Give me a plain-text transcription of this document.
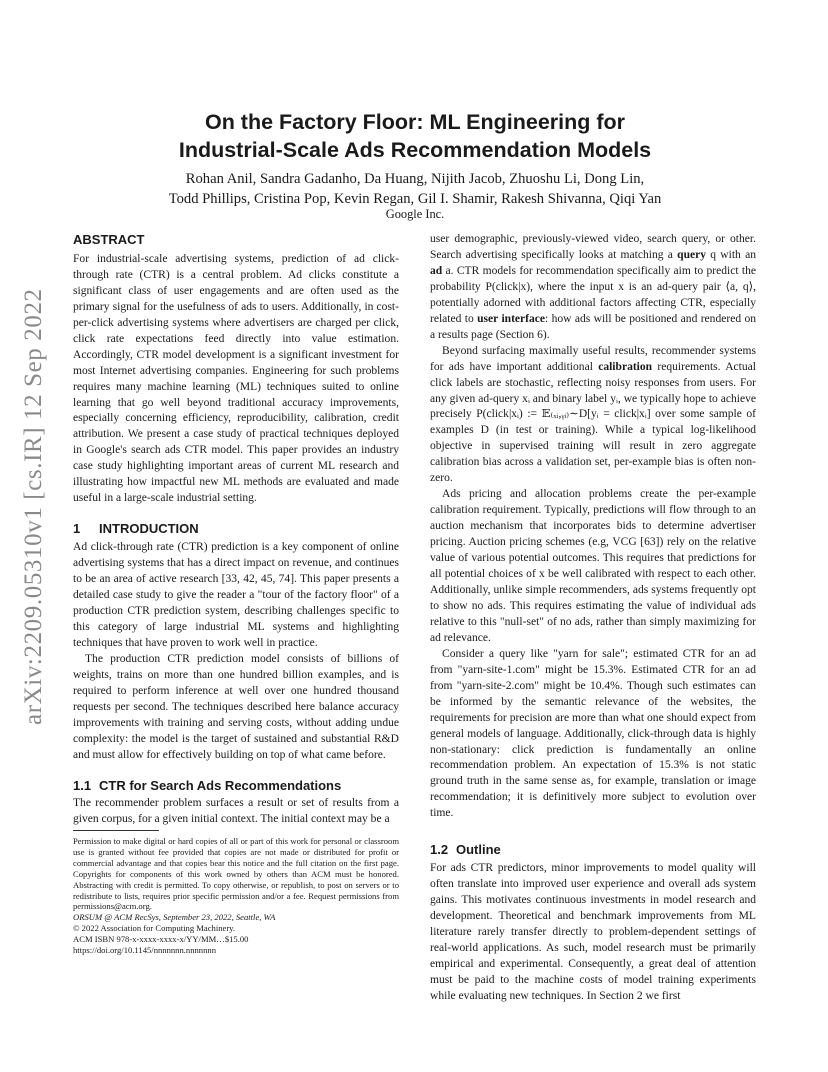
arXiv:2209.05310v1 [cs.IR] 12 Sep 2022
On the Factory Floor: ML Engineering for
Industrial-Scale Ads Recommendation Models
Rohan Anil, Sandra Gadanho, Da Huang, Nijith Jacob, Zhuoshu Li, Dong Lin,
Todd Phillips, Cristina Pop, Kevin Regan, Gil I. Shamir, Rakesh Shivanna, Qiqi Yan
Google Inc.
ABSTRACT

For industrial-scale advertising systems, prediction of ad click-through rate (CTR) is a central problem. Ad clicks constitute a significant class of user engagements and are often used as the primary signal for the usefulness of ads to users. Additionally, in cost-per-click advertising systems where advertisers are charged per click, click rate expectations feed directly into value estimation. Accordingly, CTR model development is a significant investment for most Internet advertising companies. Engineering for such problems requires many machine learning (ML) techniques suited to online learning that go well beyond traditional accuracy improvements, especially concerning efficiency, reproducibility, calibration, credit attribution. We present a case study of practical techniques deployed in Google's search ads CTR model. This paper provides an industry case study highlighting important areas of current ML research and illustrating how impactful new ML methods are evaluated and made useful in a large-scale industrial setting.

1 INTRODUCTION

Ad click-through rate (CTR) prediction is a key component of online advertising systems that has a direct impact on revenue, and continues to be an area of active research [33, 42, 45, 74]. This paper presents a detailed case study to give the reader a "tour of the factory floor" of a production CTR prediction system, describing challenges specific to this category of large industrial ML systems and highlighting techniques that have proven to work well in practice.

The production CTR prediction model consists of billions of weights, trains on more than one hundred billion examples, and is required to perform inference at well over one hundred thousand requests per second. The techniques described here balance accuracy improvements with training and serving costs, without adding undue complexity: the model is the target of sustained and substantial R&D and must allow for effectively building on top of what came before.

1.1 CTR for Search Ads Recommendations

The recommender problem surfaces a result or set of results from a given corpus, for a given initial context. The initial context may be a

Permission to make digital or hard copies of all or part of this work for personal or classroom use is granted without fee provided that copies are not made or distributed for profit or commercial advantage and that copies bear this notice and the full citation on the first page. Copyrights for components of this work owned by others than ACM must be honored. Abstracting with credit is permitted. To copy otherwise, or republish, to post on servers or to redistribute to lists, requires prior specific permission and/or a fee. Request permissions from permissions@acm.org.

ORSUM @ ACM RecSys, September 23, 2022, Seattle, WA

© 2022 Association for Computing Machinery.

ACM ISBN 978-x-xxxx-xxxx-x/YY/MM…$15.00

https://doi.org/10.1145/nnnnnnn.nnnnnnn

user demographic, previously-viewed video, search query, or other. Search advertising specifically looks at matching a query q with an ad a. CTR models for recommendation specifically aim to predict the probability P(click|x), where the input x is an ad-query pair ⟨a, q⟩, potentially adorned with additional factors affecting CTR, especially related to user interface: how ads will be positioned and rendered on a results page (Section 6).

Beyond surfacing maximally useful results, recommender systems for ads have important additional calibration requirements. Actual click labels are stochastic, reflecting noisy responses from users. For any given ad-query xᵢ and binary label yᵢ, we typically hope to achieve precisely P(click|xᵢ) := 𝔼₍ₓᵢ,ᵧᵢ₎∼D[yᵢ = click|xᵢ] over some sample of examples D (in test or training). While a typical log-likelihood objective in supervised training will result in zero aggregate calibration bias across a validation set, per-example bias is often non-zero.

Ads pricing and allocation problems create the per-example calibration requirement. Typically, predictions will flow through to an auction mechanism that incorporates bids to determine advertiser pricing. Auction pricing schemes (e.g, VCG [63]) rely on the relative value of various potential outcomes. This requires that predictions for all potential choices of x be well calibrated with respect to each other. Additionally, unlike simple recommenders, ads systems frequently opt to show no ads. This requires estimating the value of individual ads relative to this "null-set" of no ads, rather than simply maximizing for ad relevance.

Consider a query like "yarn for sale"; estimated CTR for an ad from "yarn-site-1.com" might be 15.3%. Estimated CTR for an ad from "yarn-site-2.com" might be 10.4%. Though such estimates can be informed by the semantic relevance of the websites, the requirements for precision are more than what one should expect from general models of language. Additionally, click-through data is highly non-stationary: click prediction is fundamentally an online recommendation problem. An expectation of 15.3% is not static ground truth in the same sense as, for example, translation or image recommendation; it is definitively more subject to evolution over time.

1.2 Outline

For ads CTR predictors, minor improvements to model quality will often translate into improved user experience and overall ads system gains. This motivates continuous investments in model research and development. Theoretical and benchmark improvements from ML literature rarely transfer directly to problem-dependent settings of real-world applications. As such, model research must be primarily empirical and experimental. Consequently, a great deal of attention must be paid to the machine costs of model training experiments while evaluating new techniques. In Section 2 we first
